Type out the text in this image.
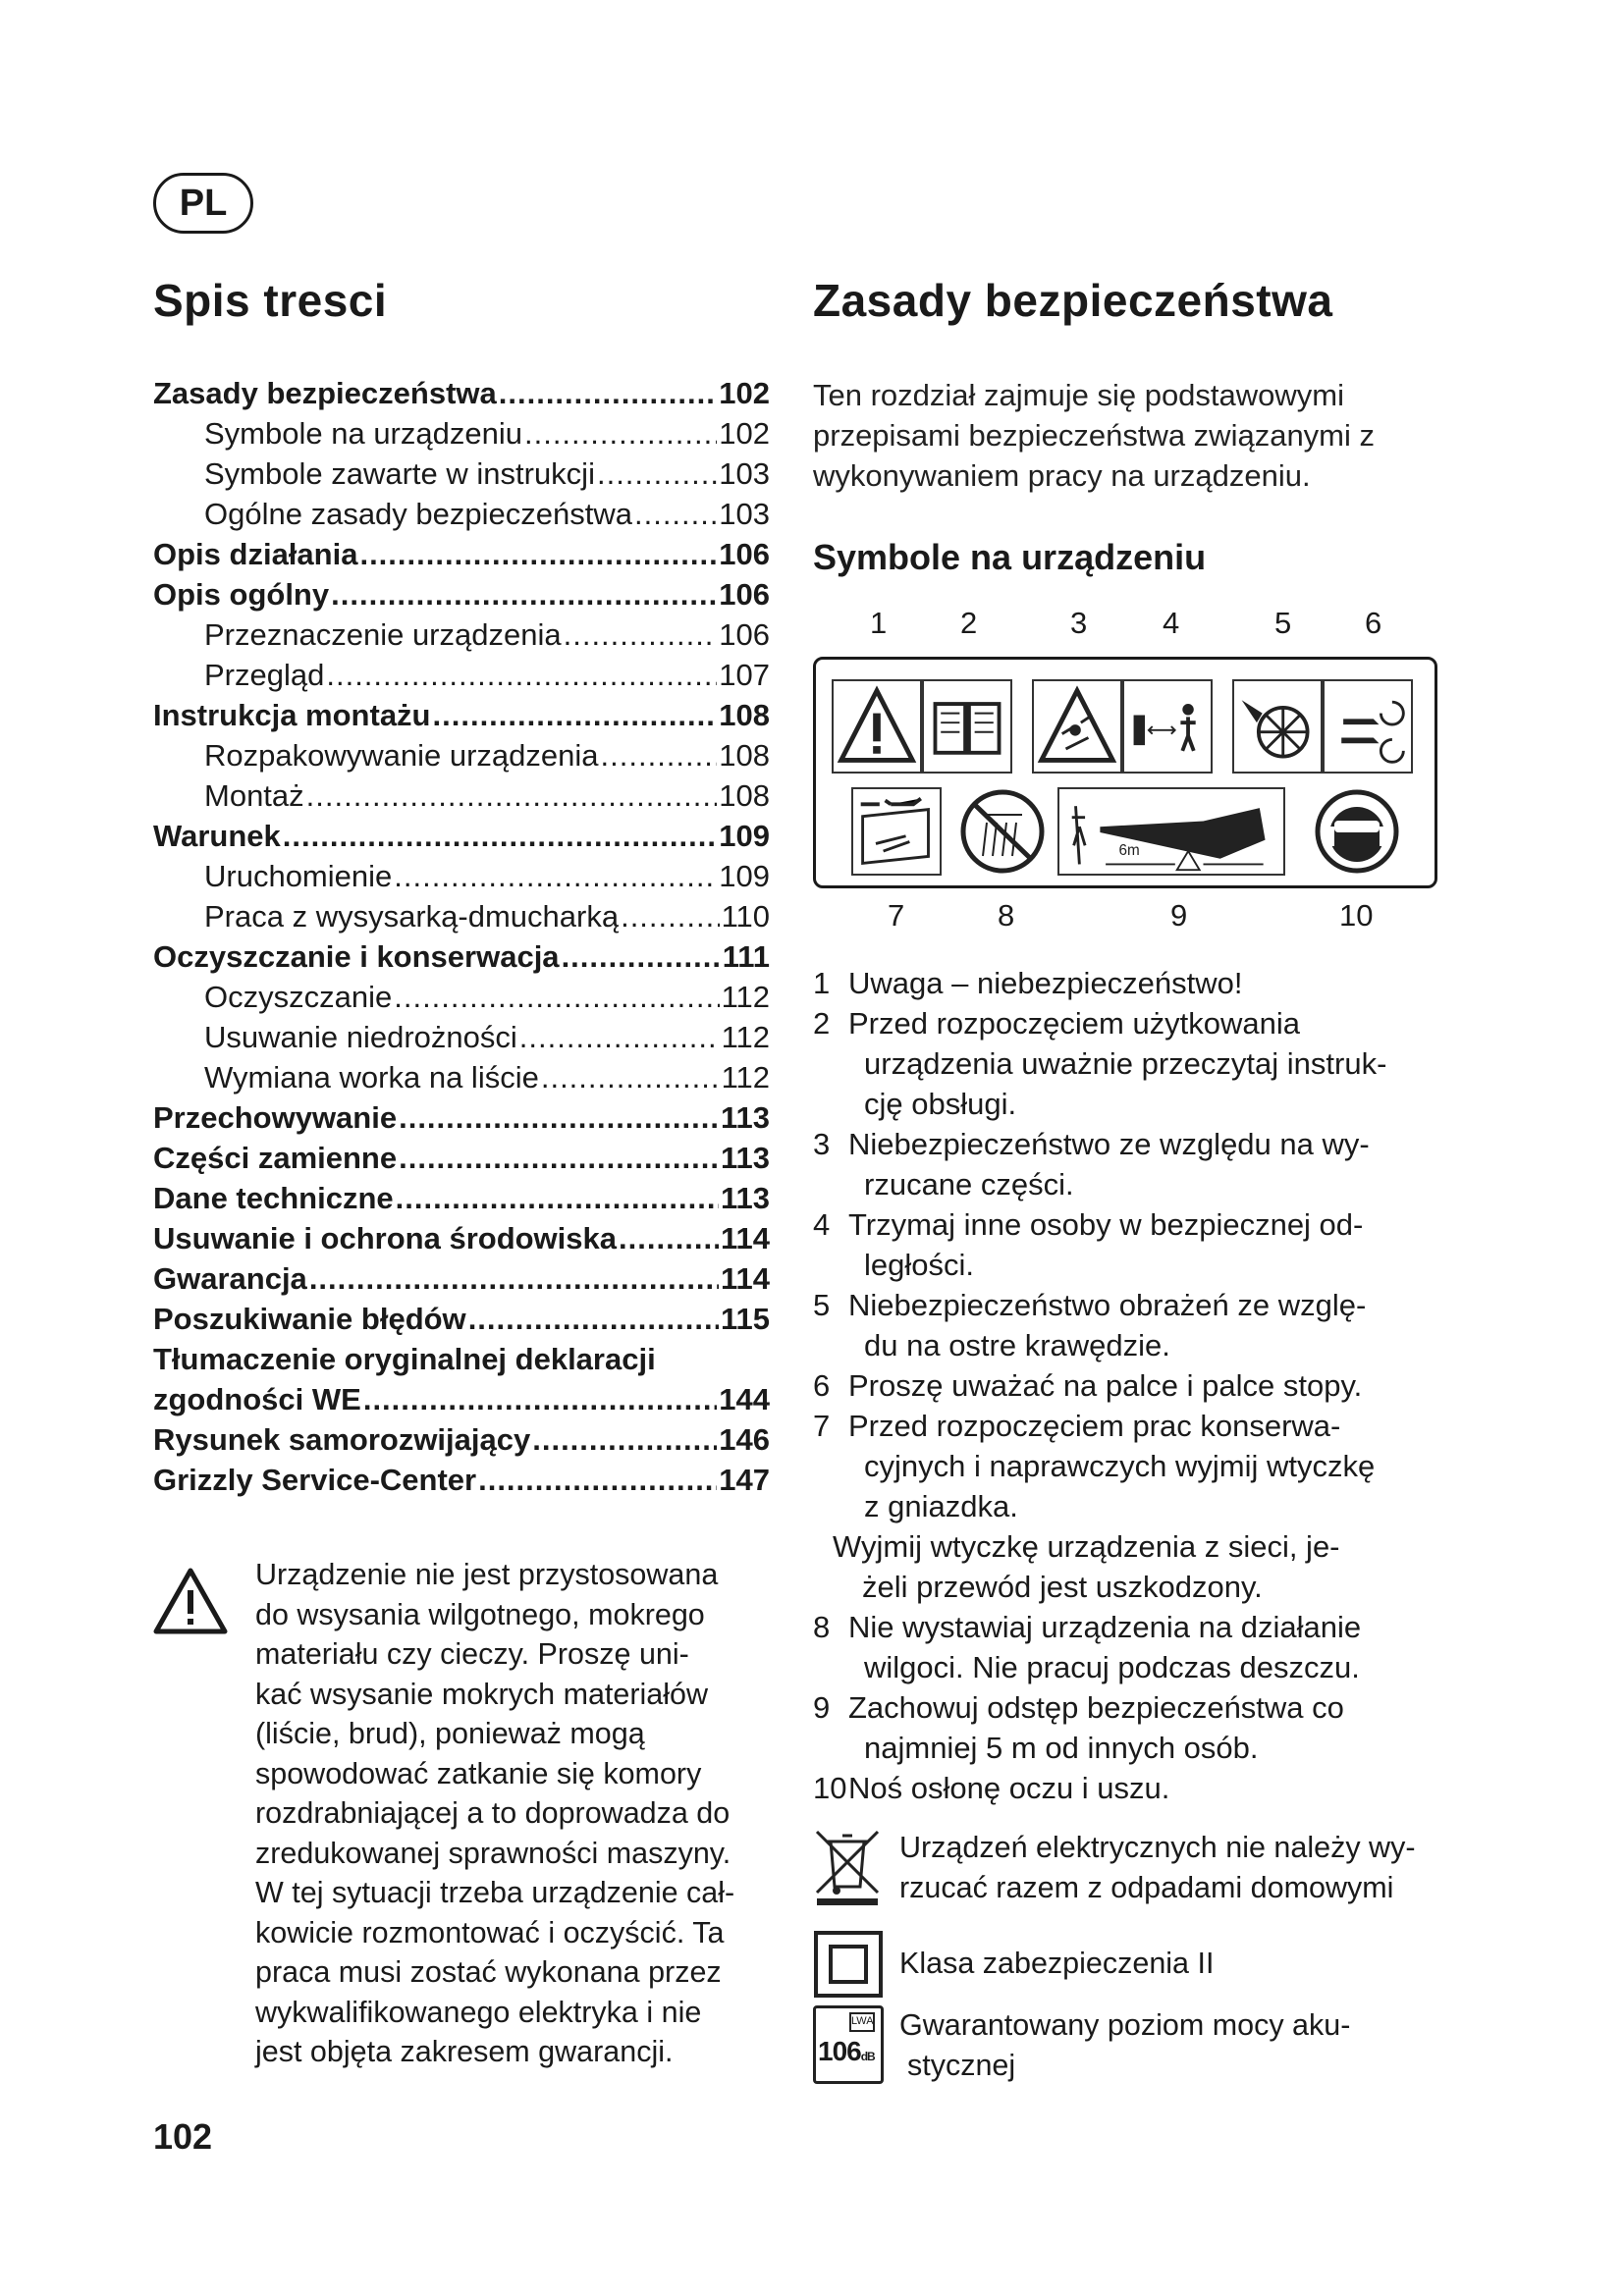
PL
Spis tresci
Zasady bezpieczeństwa .....	102
Symbole na urządzeniu .....	102
Symbole zawarte w instrukcji .....	103
Ogólne zasady bezpieczeństwa .....	103
Opis działania .....	106
Opis ogólny .....	106
Przeznaczenie urządzenia .....	106
Przegląd .....	107
Instrukcja montażu .....	108
Rozpakowywanie urządzenia .....	108
Montaż .....	108
Warunek .....	109
Uruchomienie .....	109
Praca z wysysarką-dmucharką .....	110
Oczyszczanie i konserwacja .....	111
Oczyszczanie .....	112
Usuwanie niedrożności .....	112
Wymiana worka na liście .....	112
Przechowywanie .....	113
Części zamienne .....	113
Dane techniczne .....	113
Usuwanie i ochrona środowiska .....	114
Gwarancja .....	114
Poszukiwanie błędów .....	115
Tłumaczenie oryginalnej deklaracji
zgodności WE .....	144
Rysunek samorozwijający .....	146
Grizzly Service-Center .....	147
Urządzenie nie jest przystosowana
do wsysania wilgotnego, mokrego
materiału czy cieczy. Proszę uni-
kać wsysanie mokrych materiałów
(liście, brud), ponieważ mogą
spowodować zatkanie się komory
rozdrabniającej a to doprowadza do
zredukowanej sprawności maszyny.
W tej sytuacji trzeba urządzenie cał-
kowicie rozmontować i oczyścić. Ta
praca musi zostać wykonana przez
wykwalifikowanego elektryka i nie
jest objęta zakresem gwarancji.
102
Zasady bezpieczeństwa
Ten rozdział zajmuje się podstawowymi
przepisami bezpieczeństwa związanymi z
wykonywaniem pracy na urządzeniu.
Symbole na urządzeniu
1 2	3 4	5 6
6m
7	8	9	10
1 Uwaga – niebezpieczeństwo!
2 Przed rozpoczęciem użytkowania
urządzenia uważnie przeczytaj instruk-
cję obsługi.
3 Niebezpieczeństwo ze względu na wy-
rzucane części.
4 Trzymaj inne osoby w bezpiecznej od-
ległości.
5 Niebezpieczeństwo obrażeń ze wzglę-
du na ostre krawędzie.
6 Proszę uważać na palce i palce stopy.
7 Przed rozpoczęciem prac konserwa-
cyjnych i naprawczych wyjmij wtyczkę
z gniazdka.
Wyjmij wtyczkę urządzenia z sieci, je-
żeli przewód jest uszkodzony.
8 Nie wystawiaj urządzenia na działanie
wilgoci. Nie pracuj podczas deszczu.
9 Zachowuj odstęp bezpieczeństwa co
najmniej 5 m od innych osób.
10 Noś osłonę oczu i uszu.
Urządzeń elektrycznych nie należy wy-
rzucać razem z odpadami domowymi
Klasa zabezpieczenia II
LWA
106dB
Gwarantowany poziom mocy aku-
stycznej
